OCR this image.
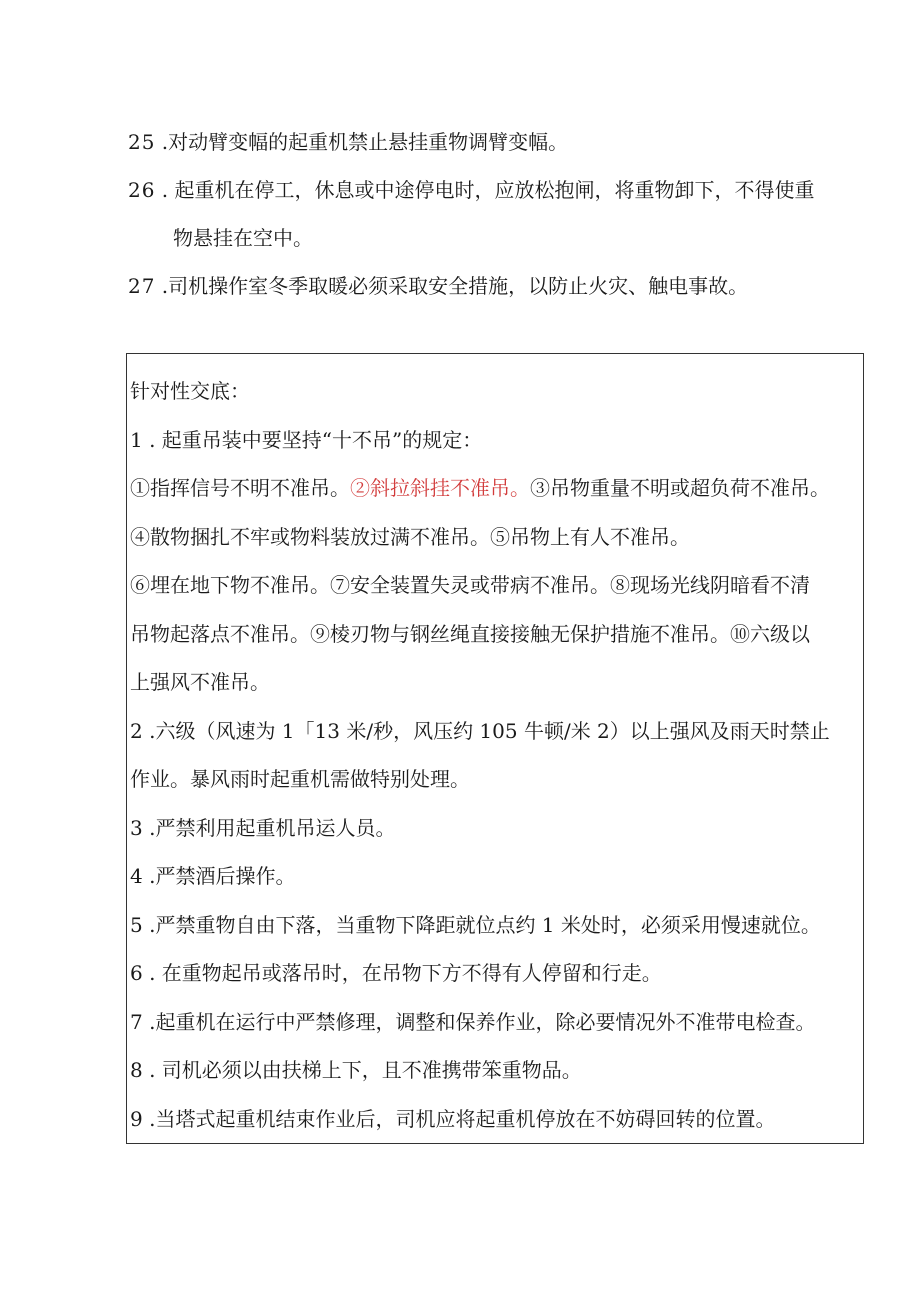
25 .对动臂变幅的起重机禁止悬挂重物调臂变幅。
26 . 起重机在停工，休息或中途停电时，应放松抱闸，将重物卸下，不得使重
物悬挂在空中。
27 .司机操作室冬季取暖必须采取安全措施，以防止火灾、触电事故。
针对性交底：
1 . 起重吊装中要坚持“十不吊”的规定：
①指挥信号不明不准吊。②斜拉斜挂不准吊。③吊物重量不明或超负荷不准吊。
④散物捆扎不牢或物料装放过满不准吊。⑤吊物上有人不准吊。
⑥埋在地下物不准吊。⑦安全装置失灵或带病不准吊。⑧现场光线阴暗看不清
吊物起落点不准吊。⑨棱刃物与钢丝绳直接接触无保护措施不准吊。⑩六级以
上强风不准吊。
2 .六级（风速为 1「13 米/秒，风压约 105 牛顿/米 2）以上强风及雨天时禁止
作业。暴风雨时起重机需做特别处理。
3 .严禁利用起重机吊运人员。
4 .严禁酒后操作。
5 .严禁重物自由下落，当重物下降距就位点约 1 米处时，必须采用慢速就位。
6 . 在重物起吊或落吊时，在吊物下方不得有人停留和行走。
7 .起重机在运行中严禁修理，调整和保养作业，除必要情况外不准带电检查。
8 . 司机必须以由扶梯上下，且不准携带笨重物品。
9 .当塔式起重机结束作业后，司机应将起重机停放在不妨碍回转的位置。
